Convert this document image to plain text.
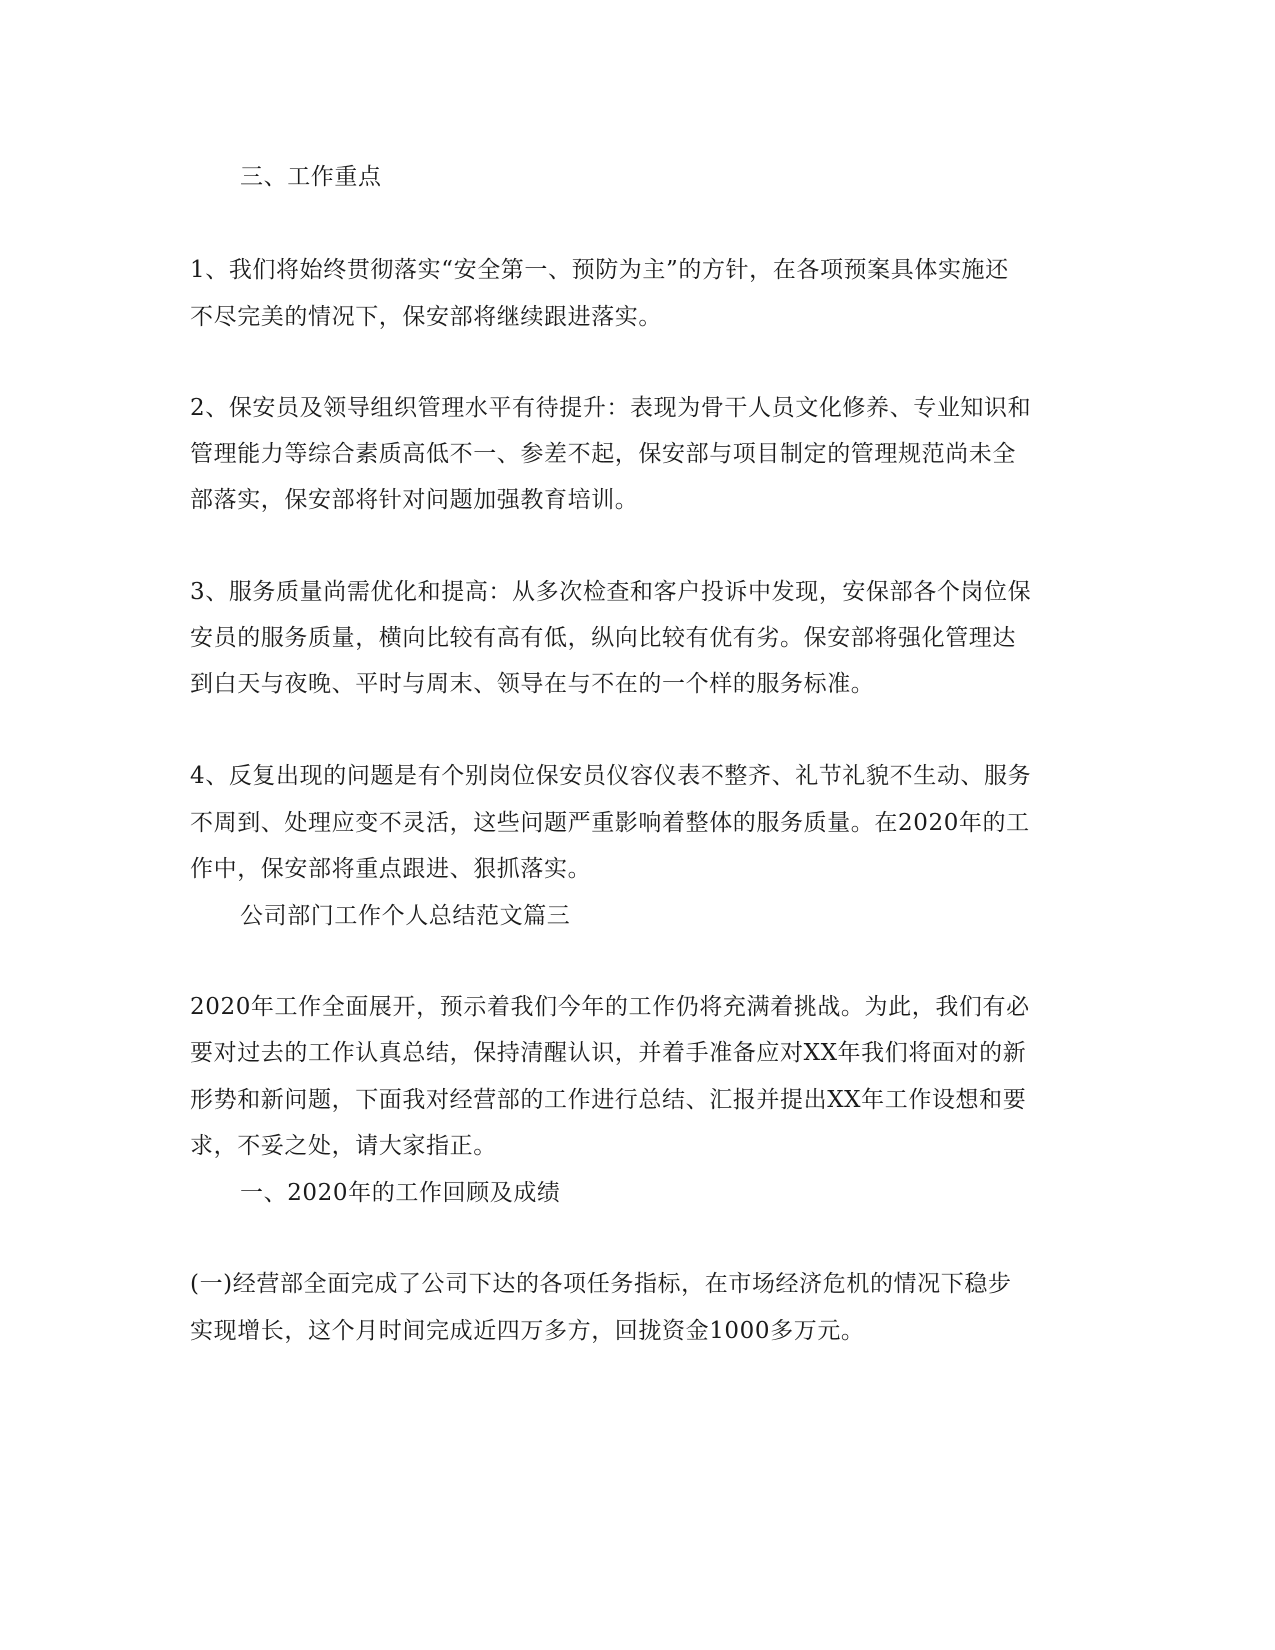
三、工作重点
1、我们将始终贯彻落实“安全第一、预防为主”的方针，在各项预案具体实施还
不尽完美的情况下，保安部将继续跟进落实。
2、保安员及领导组织管理水平有待提升：表现为骨干人员文化修养、专业知识和
管理能力等综合素质高低不一、参差不起，保安部与项目制定的管理规范尚未全
部落实，保安部将针对问题加强教育培训。
3、服务质量尚需优化和提高：从多次检查和客户投诉中发现，安保部各个岗位保
安员的服务质量，横向比较有高有低，纵向比较有优有劣。保安部将强化管理达
到白天与夜晚、平时与周末、领导在与不在的一个样的服务标准。
4、反复出现的问题是有个别岗位保安员仪容仪表不整齐、礼节礼貌不生动、服务
不周到、处理应变不灵活，这些问题严重影响着整体的服务质量。在2020年的工
作中，保安部将重点跟进、狠抓落实。
公司部门工作个人总结范文篇三
2020年工作全面展开，预示着我们今年的工作仍将充满着挑战。为此，我们有必
要对过去的工作认真总结，保持清醒认识，并着手准备应对XX年我们将面对的新
形势和新问题，下面我对经营部的工作进行总结、汇报并提出XX年工作设想和要
求，不妥之处，请大家指正。
一、2020年的工作回顾及成绩
(一)经营部全面完成了公司下达的各项任务指标，在市场经济危机的情况下稳步
实现增长，这个月时间完成近四万多方，回拢资金1000多万元。
